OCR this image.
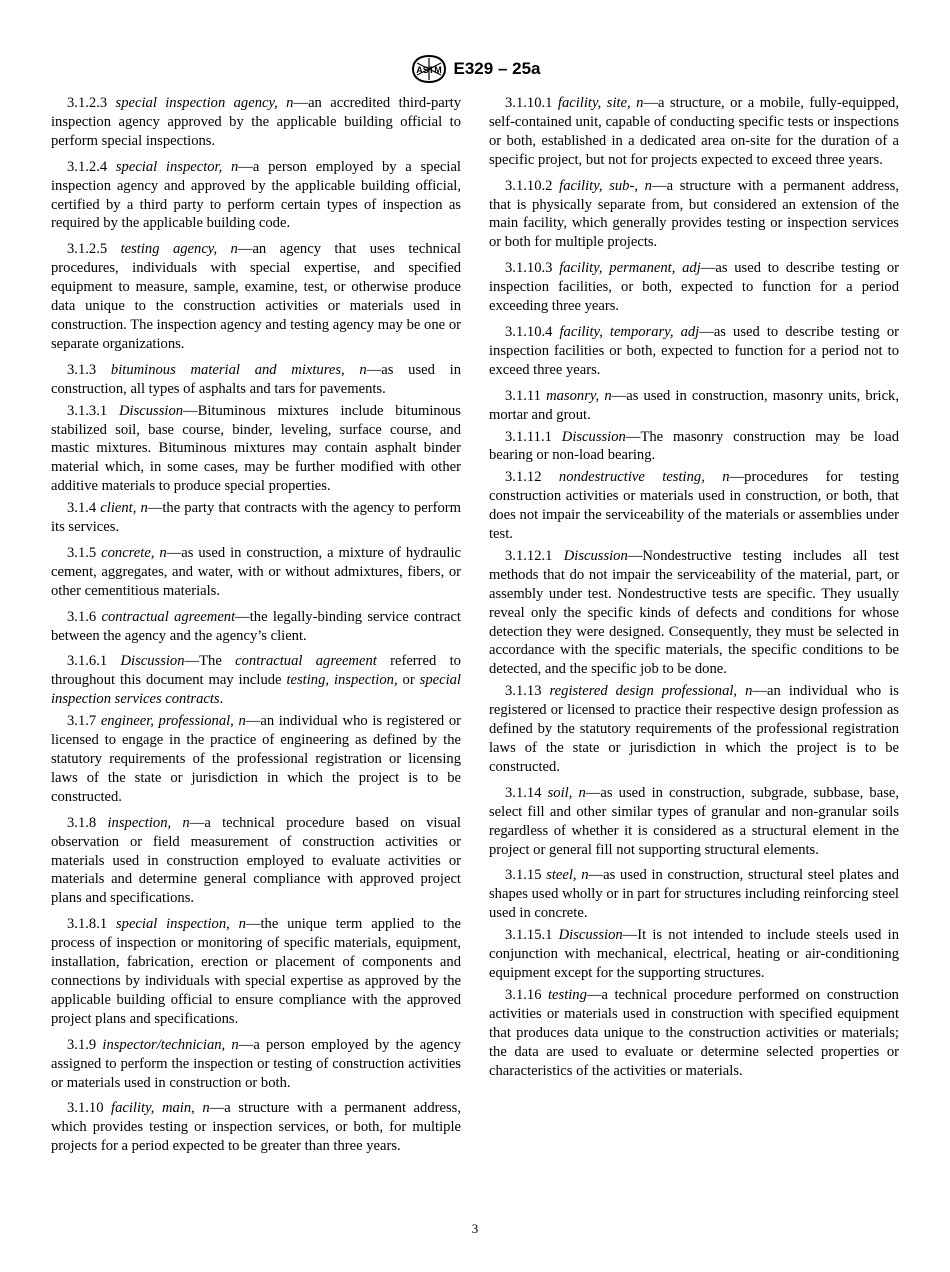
ASTM E329 – 25a

3.1.2.3 special inspection agency, n—an accredited third-party inspection agency approved by the applicable building official to perform special inspections.

3.1.2.4 special inspector, n—a person employed by a special inspection agency and approved by the applicable building official, certified by a third party to perform certain types of inspection as required by the applicable building code.

3.1.2.5 testing agency, n—an agency that uses technical procedures, individuals with special expertise, and specified equipment to measure, sample, examine, test, or otherwise produce data unique to the construction activities or materials used in construction. The inspection agency and testing agency may be one or separate organizations.

3.1.3 bituminous material and mixtures, n—as used in construction, all types of asphalts and tars for pavements.

3.1.3.1 Discussion—Bituminous mixtures include bituminous stabilized soil, base course, binder, leveling, surface course, and mastic mixtures. Bituminous mixtures may contain asphalt binder material which, in some cases, may be further modified with other additive materials to produce special properties.

3.1.4 client, n—the party that contracts with the agency to perform its services.

3.1.5 concrete, n—as used in construction, a mixture of hydraulic cement, aggregates, and water, with or without admixtures, fibers, or other cementitious materials.

3.1.6 contractual agreement—the legally-binding service contract between the agency and the agency’s client.

3.1.6.1 Discussion—The contractual agreement referred to throughout this document may include testing, inspection, or special inspection services contracts.

3.1.7 engineer, professional, n—an individual who is registered or licensed to engage in the practice of engineering as defined by the statutory requirements of the professional registration or licensing laws of the state or jurisdiction in which the project is to be constructed.

3.1.8 inspection, n—a technical procedure based on visual observation or field measurement of construction activities or materials used in construction employed to evaluate activities or materials and determine general compliance with approved project plans and specifications.

3.1.8.1 special inspection, n—the unique term applied to the process of inspection or monitoring of specific materials, equipment, installation, fabrication, erection or placement of components and connections by individuals with special expertise as approved by the applicable building official to ensure compliance with the approved project plans and specifications.

3.1.9 inspector/technician, n—a person employed by the agency assigned to perform the inspection or testing of construction activities or materials used in construction or both.

3.1.10 facility, main, n—a structure with a permanent address, which provides testing or inspection services, or both, for multiple projects for a period expected to be greater than three years.

3.1.10.1 facility, site, n—a structure, or a mobile, fully-equipped, self-contained unit, capable of conducting specific tests or inspections or both, established in a dedicated area on-site for the duration of a specific project, but not for projects expected to exceed three years.

3.1.10.2 facility, sub-, n—a structure with a permanent address, that is physically separate from, but considered an extension of the main facility, which generally provides testing or inspection services or both for multiple projects.

3.1.10.3 facility, permanent, adj—as used to describe testing or inspection facilities, or both, expected to function for a period exceeding three years.

3.1.10.4 facility, temporary, adj—as used to describe testing or inspection facilities or both, expected to function for a period not to exceed three years.

3.1.11 masonry, n—as used in construction, masonry units, brick, mortar and grout.

3.1.11.1 Discussion—The masonry construction may be load bearing or non-load bearing.

3.1.12 nondestructive testing, n—procedures for testing construction activities or materials used in construction, or both, that does not impair the serviceability of the materials or assemblies under test.

3.1.12.1 Discussion—Nondestructive testing includes all test methods that do not impair the serviceability of the material, part, or assembly under test. Nondestructive tests are specific. They usually reveal only the specific kinds of defects and conditions for whose detection they were designed. Consequently, they must be selected in accordance with the specific materials, the specific conditions to be detected, and the specific job to be done.

3.1.13 registered design professional, n—an individual who is registered or licensed to practice their respective design profession as defined by the statutory requirements of the professional registration laws of the state or jurisdiction in which the project is to be constructed.

3.1.14 soil, n—as used in construction, subgrade, subbase, base, select fill and other similar types of granular and non-granular soils regardless of whether it is considered as a structural element in the project or general fill not supporting structural elements.

3.1.15 steel, n—as used in construction, structural steel plates and shapes used wholly or in part for structures including reinforcing steel used in concrete.

3.1.15.1 Discussion—It is not intended to include steels used in conjunction with mechanical, electrical, heating or air-conditioning equipment except for the supporting structures.

3.1.16 testing—a technical procedure performed on construction activities or materials used in construction with specified equipment that produces data unique to the construction activities or materials; the data are used to evaluate or determine selected properties or characteristics of the activities or materials.

3
